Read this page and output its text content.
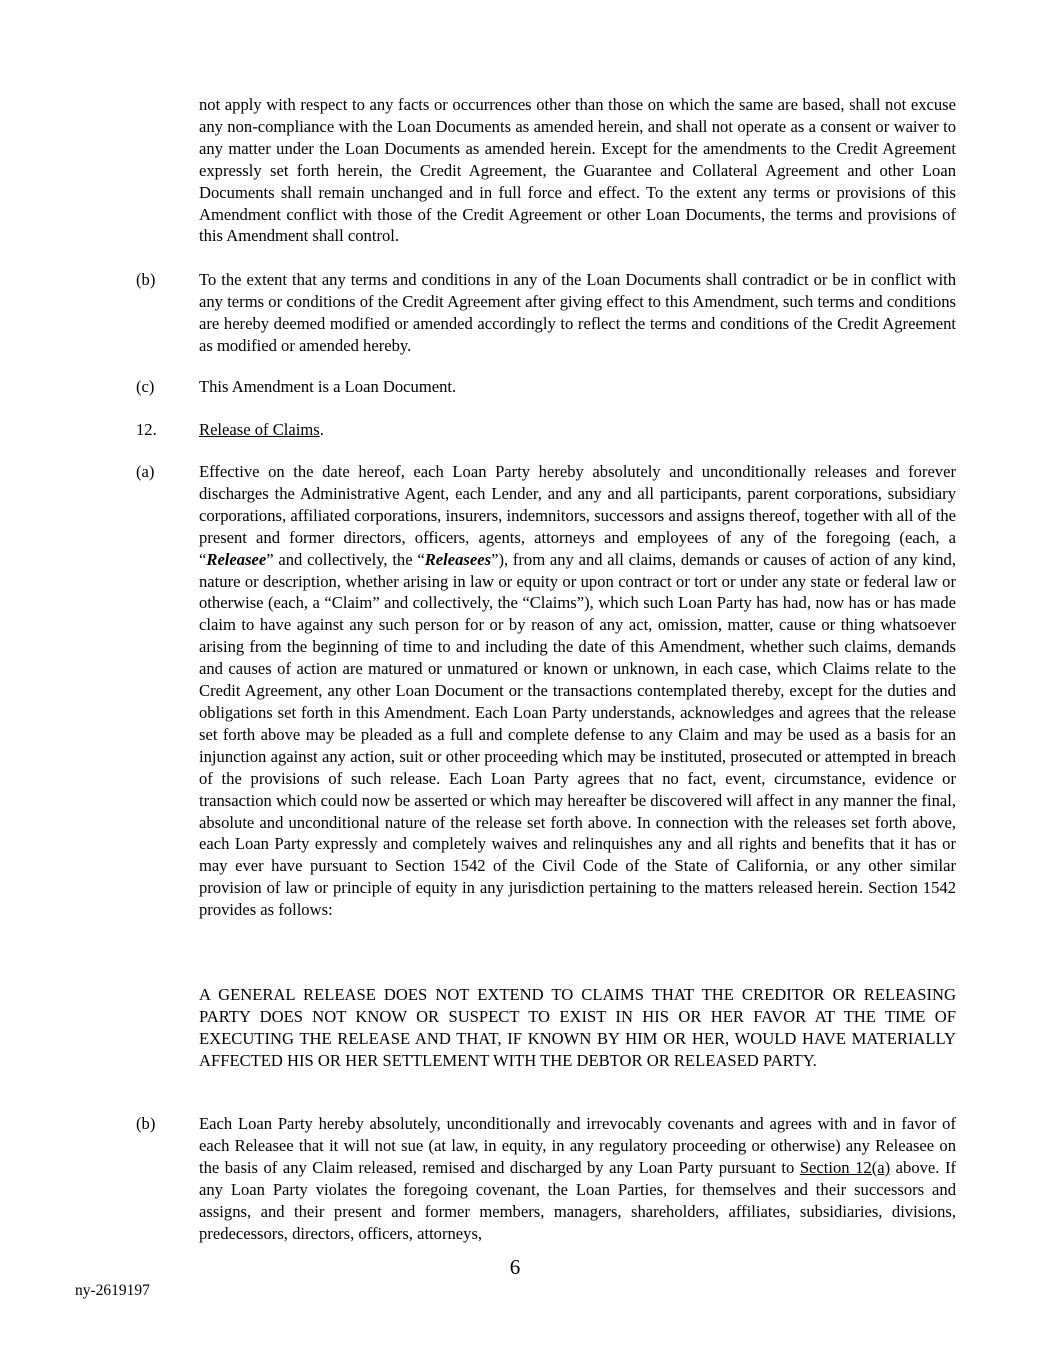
not apply with respect to any facts or occurrences other than those on which the same are based, shall not excuse any non-compliance with the Loan Documents as amended herein, and shall not operate as a consent or waiver to any matter under the Loan Documents as amended herein. Except for the amendments to the Credit Agreement expressly set forth herein, the Credit Agreement, the Guarantee and Collateral Agreement and other Loan Documents shall remain unchanged and in full force and effect. To the extent any terms or provisions of this Amendment conflict with those of the Credit Agreement or other Loan Documents, the terms and provisions of this Amendment shall control.

(b)	To the extent that any terms and conditions in any of the Loan Documents shall contradict or be in conflict with any terms or conditions of the Credit Agreement after giving effect to this Amendment, such terms and conditions are hereby deemed modified or amended accordingly to reflect the terms and conditions of the Credit Agreement as modified or amended hereby.

(c)	This Amendment is a Loan Document.

12.	Release of Claims.

(a)	Effective on the date hereof, each Loan Party hereby absolutely and unconditionally releases and forever discharges the Administrative Agent, each Lender, and any and all participants, parent corporations, subsidiary corporations, affiliated corporations, insurers, indemnitors, successors and assigns thereof, together with all of the present and former directors, officers, agents, attorneys and employees of any of the foregoing (each, a “Releasee” and collectively, the “Releasees”), from any and all claims, demands or causes of action of any kind, nature or description, whether arising in law or equity or upon contract or tort or under any state or federal law or otherwise (each, a “Claim” and collectively, the “Claims”), which such Loan Party has had, now has or has made claim to have against any such person for or by reason of any act, omission, matter, cause or thing whatsoever arising from the beginning of time to and including the date of this Amendment, whether such claims, demands and causes of action are matured or unmatured or known or unknown, in each case, which Claims relate to the Credit Agreement, any other Loan Document or the transactions contemplated thereby, except for the duties and obligations set forth in this Amendment. Each Loan Party understands, acknowledges and agrees that the release set forth above may be pleaded as a full and complete defense to any Claim and may be used as a basis for an injunction against any action, suit or other proceeding which may be instituted, prosecuted or attempted in breach of the provisions of such release. Each Loan Party agrees that no fact, event, circumstance, evidence or transaction which could now be asserted or which may hereafter be discovered will affect in any manner the final, absolute and unconditional nature of the release set forth above. In connection with the releases set forth above, each Loan Party expressly and completely waives and relinquishes any and all rights and benefits that it has or may ever have pursuant to Section 1542 of the Civil Code of the State of California, or any other similar provision of law or principle of equity in any jurisdiction pertaining to the matters released herein. Section 1542 provides as follows:

A GENERAL RELEASE DOES NOT EXTEND TO CLAIMS THAT THE CREDITOR OR RELEASING PARTY DOES NOT KNOW OR SUSPECT TO EXIST IN HIS OR HER FAVOR AT THE TIME OF EXECUTING THE RELEASE AND THAT, IF KNOWN BY HIM OR HER, WOULD HAVE MATERIALLY AFFECTED HIS OR HER SETTLEMENT WITH THE DEBTOR OR RELEASED PARTY.

(b)	Each Loan Party hereby absolutely, unconditionally and irrevocably covenants and agrees with and in favor of each Releasee that it will not sue (at law, in equity, in any regulatory proceeding or otherwise) any Releasee on the basis of any Claim released, remised and discharged by any Loan Party pursuant to Section 12(a) above. If any Loan Party violates the foregoing covenant, the Loan Parties, for themselves and their successors and assigns, and their present and former members, managers, shareholders, affiliates, subsidiaries, divisions, predecessors, directors, officers, attorneys,

6
ny-2619197
